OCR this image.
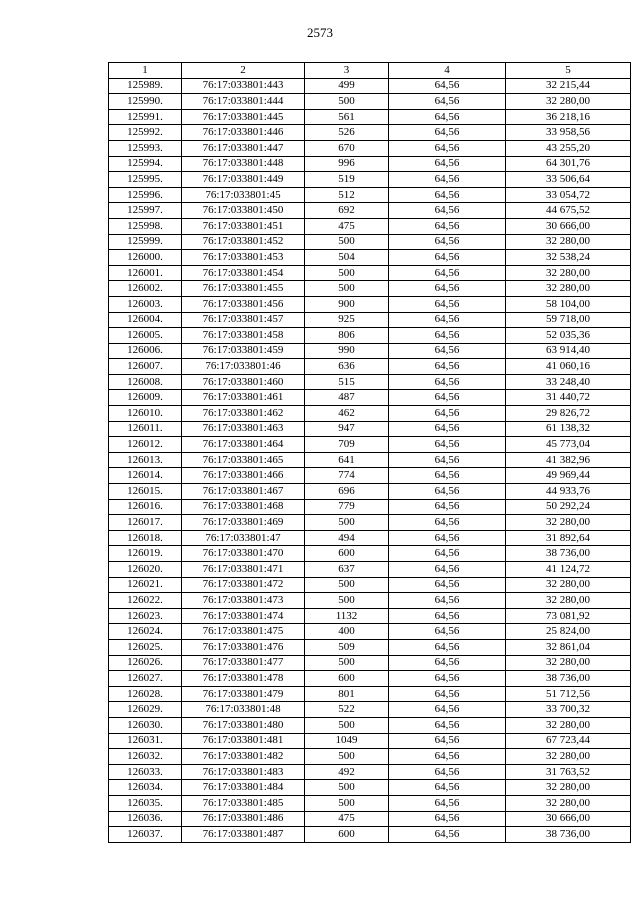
2573
1	2	3	4	5
125989.	76:17:033801:443	499	64,56	32 215,44
125990.	76:17:033801:444	500	64,56	32 280,00
125991.	76:17:033801:445	561	64,56	36 218,16
125992.	76:17:033801:446	526	64,56	33 958,56
125993.	76:17:033801:447	670	64,56	43 255,20
125994.	76:17:033801:448	996	64,56	64 301,76
125995.	76:17:033801:449	519	64,56	33 506,64
125996.	76:17:033801:45	512	64,56	33 054,72
125997.	76:17:033801:450	692	64,56	44 675,52
125998.	76:17:033801:451	475	64,56	30 666,00
125999.	76:17:033801:452	500	64,56	32 280,00
126000.	76:17:033801:453	504	64,56	32 538,24
126001.	76:17:033801:454	500	64,56	32 280,00
126002.	76:17:033801:455	500	64,56	32 280,00
126003.	76:17:033801:456	900	64,56	58 104,00
126004.	76:17:033801:457	925	64,56	59 718,00
126005.	76:17:033801:458	806	64,56	52 035,36
126006.	76:17:033801:459	990	64,56	63 914,40
126007.	76:17:033801:46	636	64,56	41 060,16
126008.	76:17:033801:460	515	64,56	33 248,40
126009.	76:17:033801:461	487	64,56	31 440,72
126010.	76:17:033801:462	462	64,56	29 826,72
126011.	76:17:033801:463	947	64,56	61 138,32
126012.	76:17:033801:464	709	64,56	45 773,04
126013.	76:17:033801:465	641	64,56	41 382,96
126014.	76:17:033801:466	774	64,56	49 969,44
126015.	76:17:033801:467	696	64,56	44 933,76
126016.	76:17:033801:468	779	64,56	50 292,24
126017.	76:17:033801:469	500	64,56	32 280,00
126018.	76:17:033801:47	494	64,56	31 892,64
126019.	76:17:033801:470	600	64,56	38 736,00
126020.	76:17:033801:471	637	64,56	41 124,72
126021.	76:17:033801:472	500	64,56	32 280,00
126022.	76:17:033801:473	500	64,56	32 280,00
126023.	76:17:033801:474	1132	64,56	73 081,92
126024.	76:17:033801:475	400	64,56	25 824,00
126025.	76:17:033801:476	509	64,56	32 861,04
126026.	76:17:033801:477	500	64,56	32 280,00
126027.	76:17:033801:478	600	64,56	38 736,00
126028.	76:17:033801:479	801	64,56	51 712,56
126029.	76:17:033801:48	522	64,56	33 700,32
126030.	76:17:033801:480	500	64,56	32 280,00
126031.	76:17:033801:481	1049	64,56	67 723,44
126032.	76:17:033801:482	500	64,56	32 280,00
126033.	76:17:033801:483	492	64,56	31 763,52
126034.	76:17:033801:484	500	64,56	32 280,00
126035.	76:17:033801:485	500	64,56	32 280,00
126036.	76:17:033801:486	475	64,56	30 666,00
126037.	76:17:033801:487	600	64,56	38 736,00
